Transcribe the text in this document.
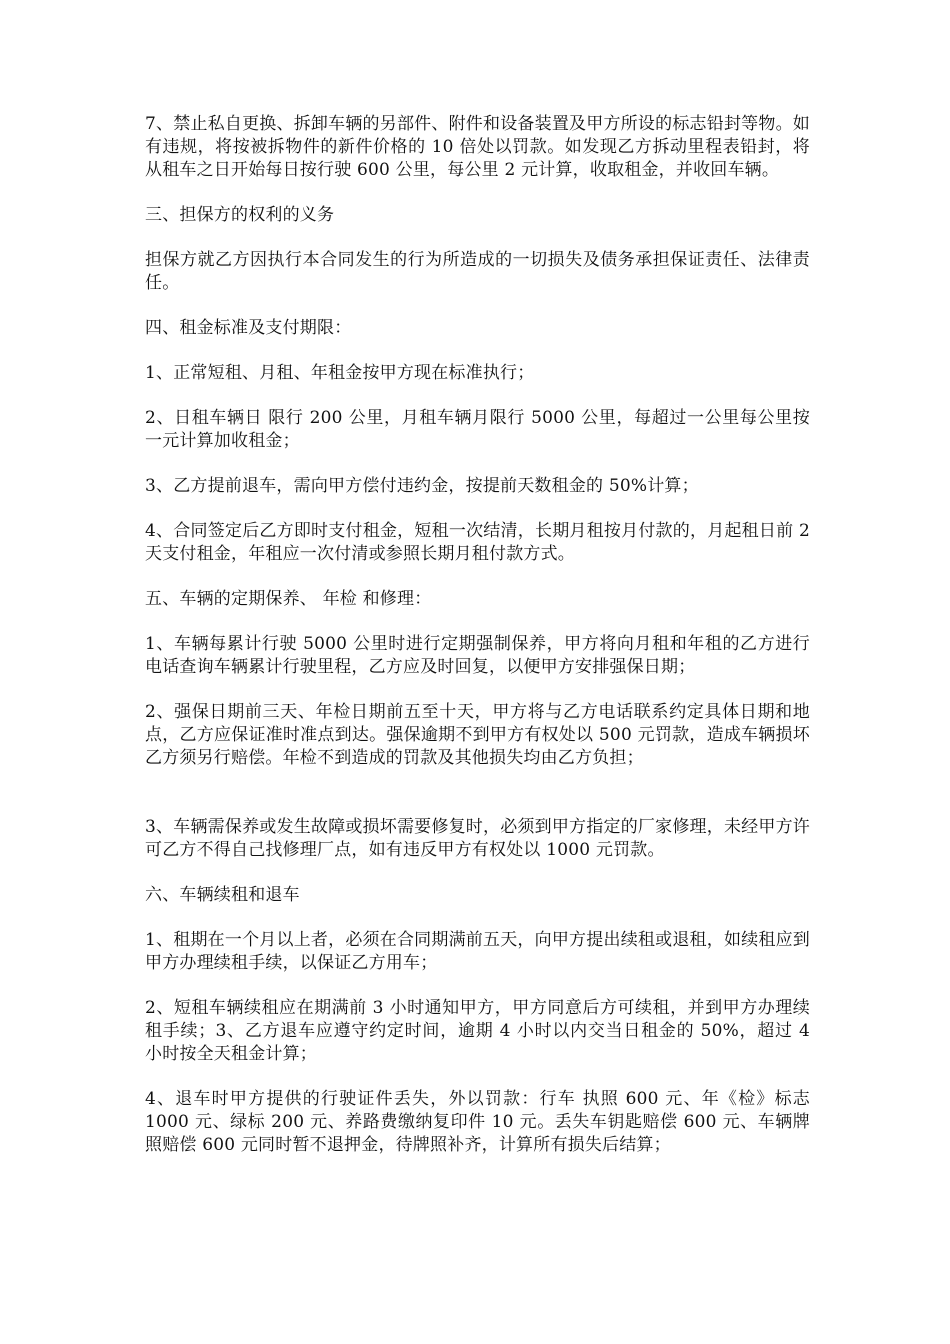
7、禁止私自更换、拆卸车辆的另部件、附件和设备装置及甲方所设的标志铅封等物。如有违规，将按被拆物件的新件价格的 10 倍处以罚款。如发现乙方拆动里程表铅封，将从租车之日开始每日按行驶 600 公里，每公里 2 元计算，收取租金，并收回车辆。

三、担保方的权利的义务

担保方就乙方因执行本合同发生的行为所造成的一切损失及债务承担保证责任、法律责任。

四、租金标准及支付期限：

1、正常短租、月租、年租金按甲方现在标准执行；

2、日租车辆日 限行 200 公里，月租车辆月限行 5000 公里，每超过一公里每公里按一元计算加收租金；

3、乙方提前退车，需向甲方偿付违约金，按提前天数租金的 50%计算；

4、合同签定后乙方即时支付租金，短租一次结清，长期月租按月付款的，月起租日前 2 天支付租金，年租应一次付清或参照长期月租付款方式。

五、车辆的定期保养、 年检 和修理：

1、车辆每累计行驶 5000 公里时进行定期强制保养，甲方将向月租和年租的乙方进行电话查询车辆累计行驶里程，乙方应及时回复，以便甲方安排强保日期；

2、强保日期前三天、年检日期前五至十天，甲方将与乙方电话联系约定具体日期和地点，乙方应保证准时准点到达。强保逾期不到甲方有权处以 500 元罚款，造成车辆损坏乙方须另行赔偿。年检不到造成的罚款及其他损失均由乙方负担；

3、车辆需保养或发生故障或损坏需要修复时，必须到甲方指定的厂家修理，未经甲方许可乙方不得自己找修理厂点，如有违反甲方有权处以 1000 元罚款。

六、车辆续租和退车

1、租期在一个月以上者，必须在合同期满前五天，向甲方提出续租或退租，如续租应到甲方办理续租手续，以保证乙方用车；

2、短租车辆续租应在期满前 3 小时通知甲方，甲方同意后方可续租，并到甲方办理续租手续；3、乙方退车应遵守约定时间，逾期 4 小时以内交当日租金的 50%，超过 4 小时按全天租金计算；

4、退车时甲方提供的行驶证件丢失，外以罚款：行车 执照 600 元、年《检》标志 1000 元、绿标 200 元、养路费缴纳复印件 10 元。丢失车钥匙赔偿 600 元、车辆牌照赔偿 600 元同时暂不退押金，待牌照补齐，计算所有损失后结算；
